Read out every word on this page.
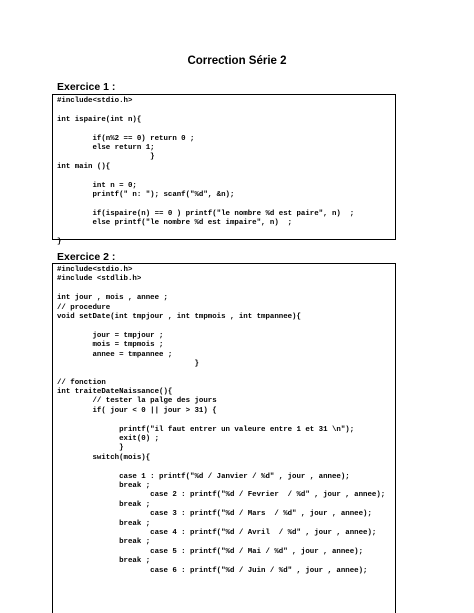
Correction Série 2
Exercice 1 :
#include<stdio.h>
int ispaire(int n){
if(n%2 == 0) return 0 ;
else return 1;
}
int main (){
int n = 0;
printf(" n: "); scanf("%d", &n);
if(ispaire(n) == 0 ) printf("le nombre %d est paire", n)  ;
else printf("le nombre %d est impaire", n)  ;
}
Exercice 2 :
#include<stdio.h>
#include <stdlib.h>
int jour , mois , annee ;
// procedure
void setDate(int tmpjour , int tmpmois , int tmpannee){
jour = tmpjour ;
mois = tmpmois ;
annee = tmpannee ;
}
// fonction
int traiteDateNaissance(){
// tester la palge des jours
if( jour < 0 || jour > 31) {
printf("il faut entrer un valeure entre 1 et 31 \n");
exit(0) ;
}
switch(mois){
case 1 : printf("%d / Janvier / %d" , jour , annee);
break ;
case 2 : printf("%d / Fevrier  / %d" , jour , annee);
break ;
case 3 : printf("%d / Mars  / %d" , jour , annee);
break ;
case 4 : printf("%d / Avril  / %d" , jour , annee);
break ;
case 5 : printf("%d / Mai / %d" , jour , annee);
break ;
case 6 : printf("%d / Juin / %d" , jour , annee);
